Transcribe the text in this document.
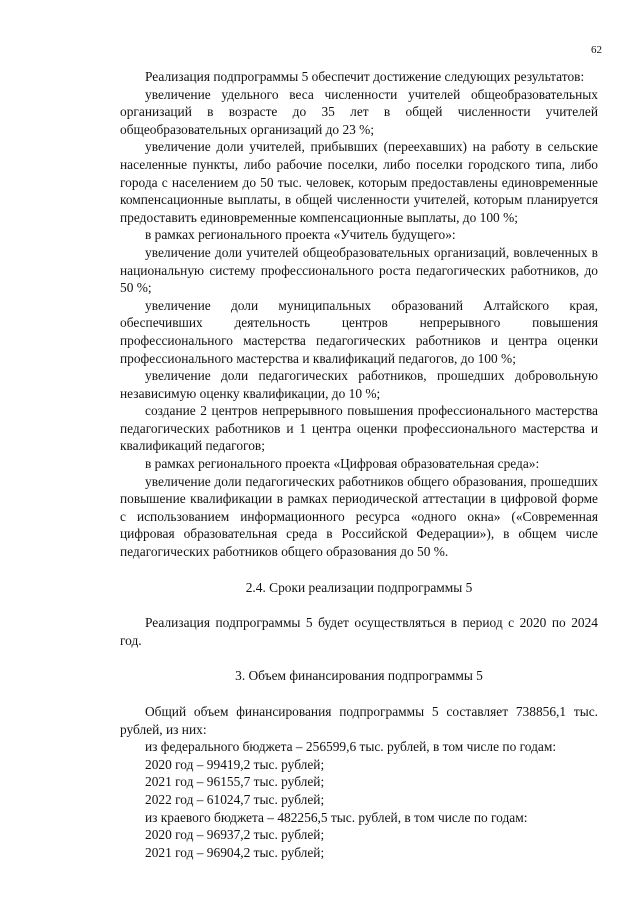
62

Реализация подпрограммы 5 обеспечит достижение следующих результатов:

увеличение удельного веса численности учителей общеобразовательных организаций в возрасте до 35 лет в общей численности учителей общеобразовательных организаций до 23 %;

увеличение доли учителей, прибывших (переехавших) на работу в сельские населенные пункты, либо рабочие поселки, либо поселки городского типа, либо города с населением до 50 тыс. человек, которым предоставлены единовременные компенсационные выплаты, в общей численности учителей, которым планируется предоставить единовременные компенсационные выплаты, до 100 %;

в рамках регионального проекта «Учитель будущего»:

увеличение доли учителей общеобразовательных организаций, вовлеченных в национальную систему профессионального роста педагогических работников, до 50 %;

увеличение доли муниципальных образований Алтайского края, обеспечивших деятельность центров непрерывного повышения профессионального мастерства педагогических работников и центра оценки профессионального мастерства и квалификаций педагогов, до 100 %;

увеличение доли педагогических работников, прошедших добровольную независимую оценку квалификации, до 10 %;

создание 2 центров непрерывного повышения профессионального мастерства педагогических работников и 1 центра оценки профессионального мастерства и квалификаций педагогов;

в рамках регионального проекта «Цифровая образовательная среда»:

увеличение доли педагогических работников общего образования, прошедших повышение квалификации в рамках периодической аттестации в цифровой форме с использованием информационного ресурса «одного окна» («Современная цифровая образовательная среда в Российской Федерации»), в общем числе педагогических работников общего образования до 50 %.

2.4. Сроки реализации подпрограммы 5

Реализация подпрограммы 5 будет осуществляться в период с 2020 по 2024 год.

3. Объем финансирования подпрограммы 5

Общий объем финансирования подпрограммы 5 составляет 738856,1 тыс. рублей, из них:

из федерального бюджета – 256599,6 тыс. рублей, в том числе по годам:

2020 год – 99419,2 тыс. рублей;

2021 год – 96155,7 тыс. рублей;

2022 год – 61024,7 тыс. рублей;

из краевого бюджета – 482256,5 тыс. рублей, в том числе по годам:

2020 год – 96937,2 тыс. рублей;

2021 год – 96904,2 тыс. рублей;
